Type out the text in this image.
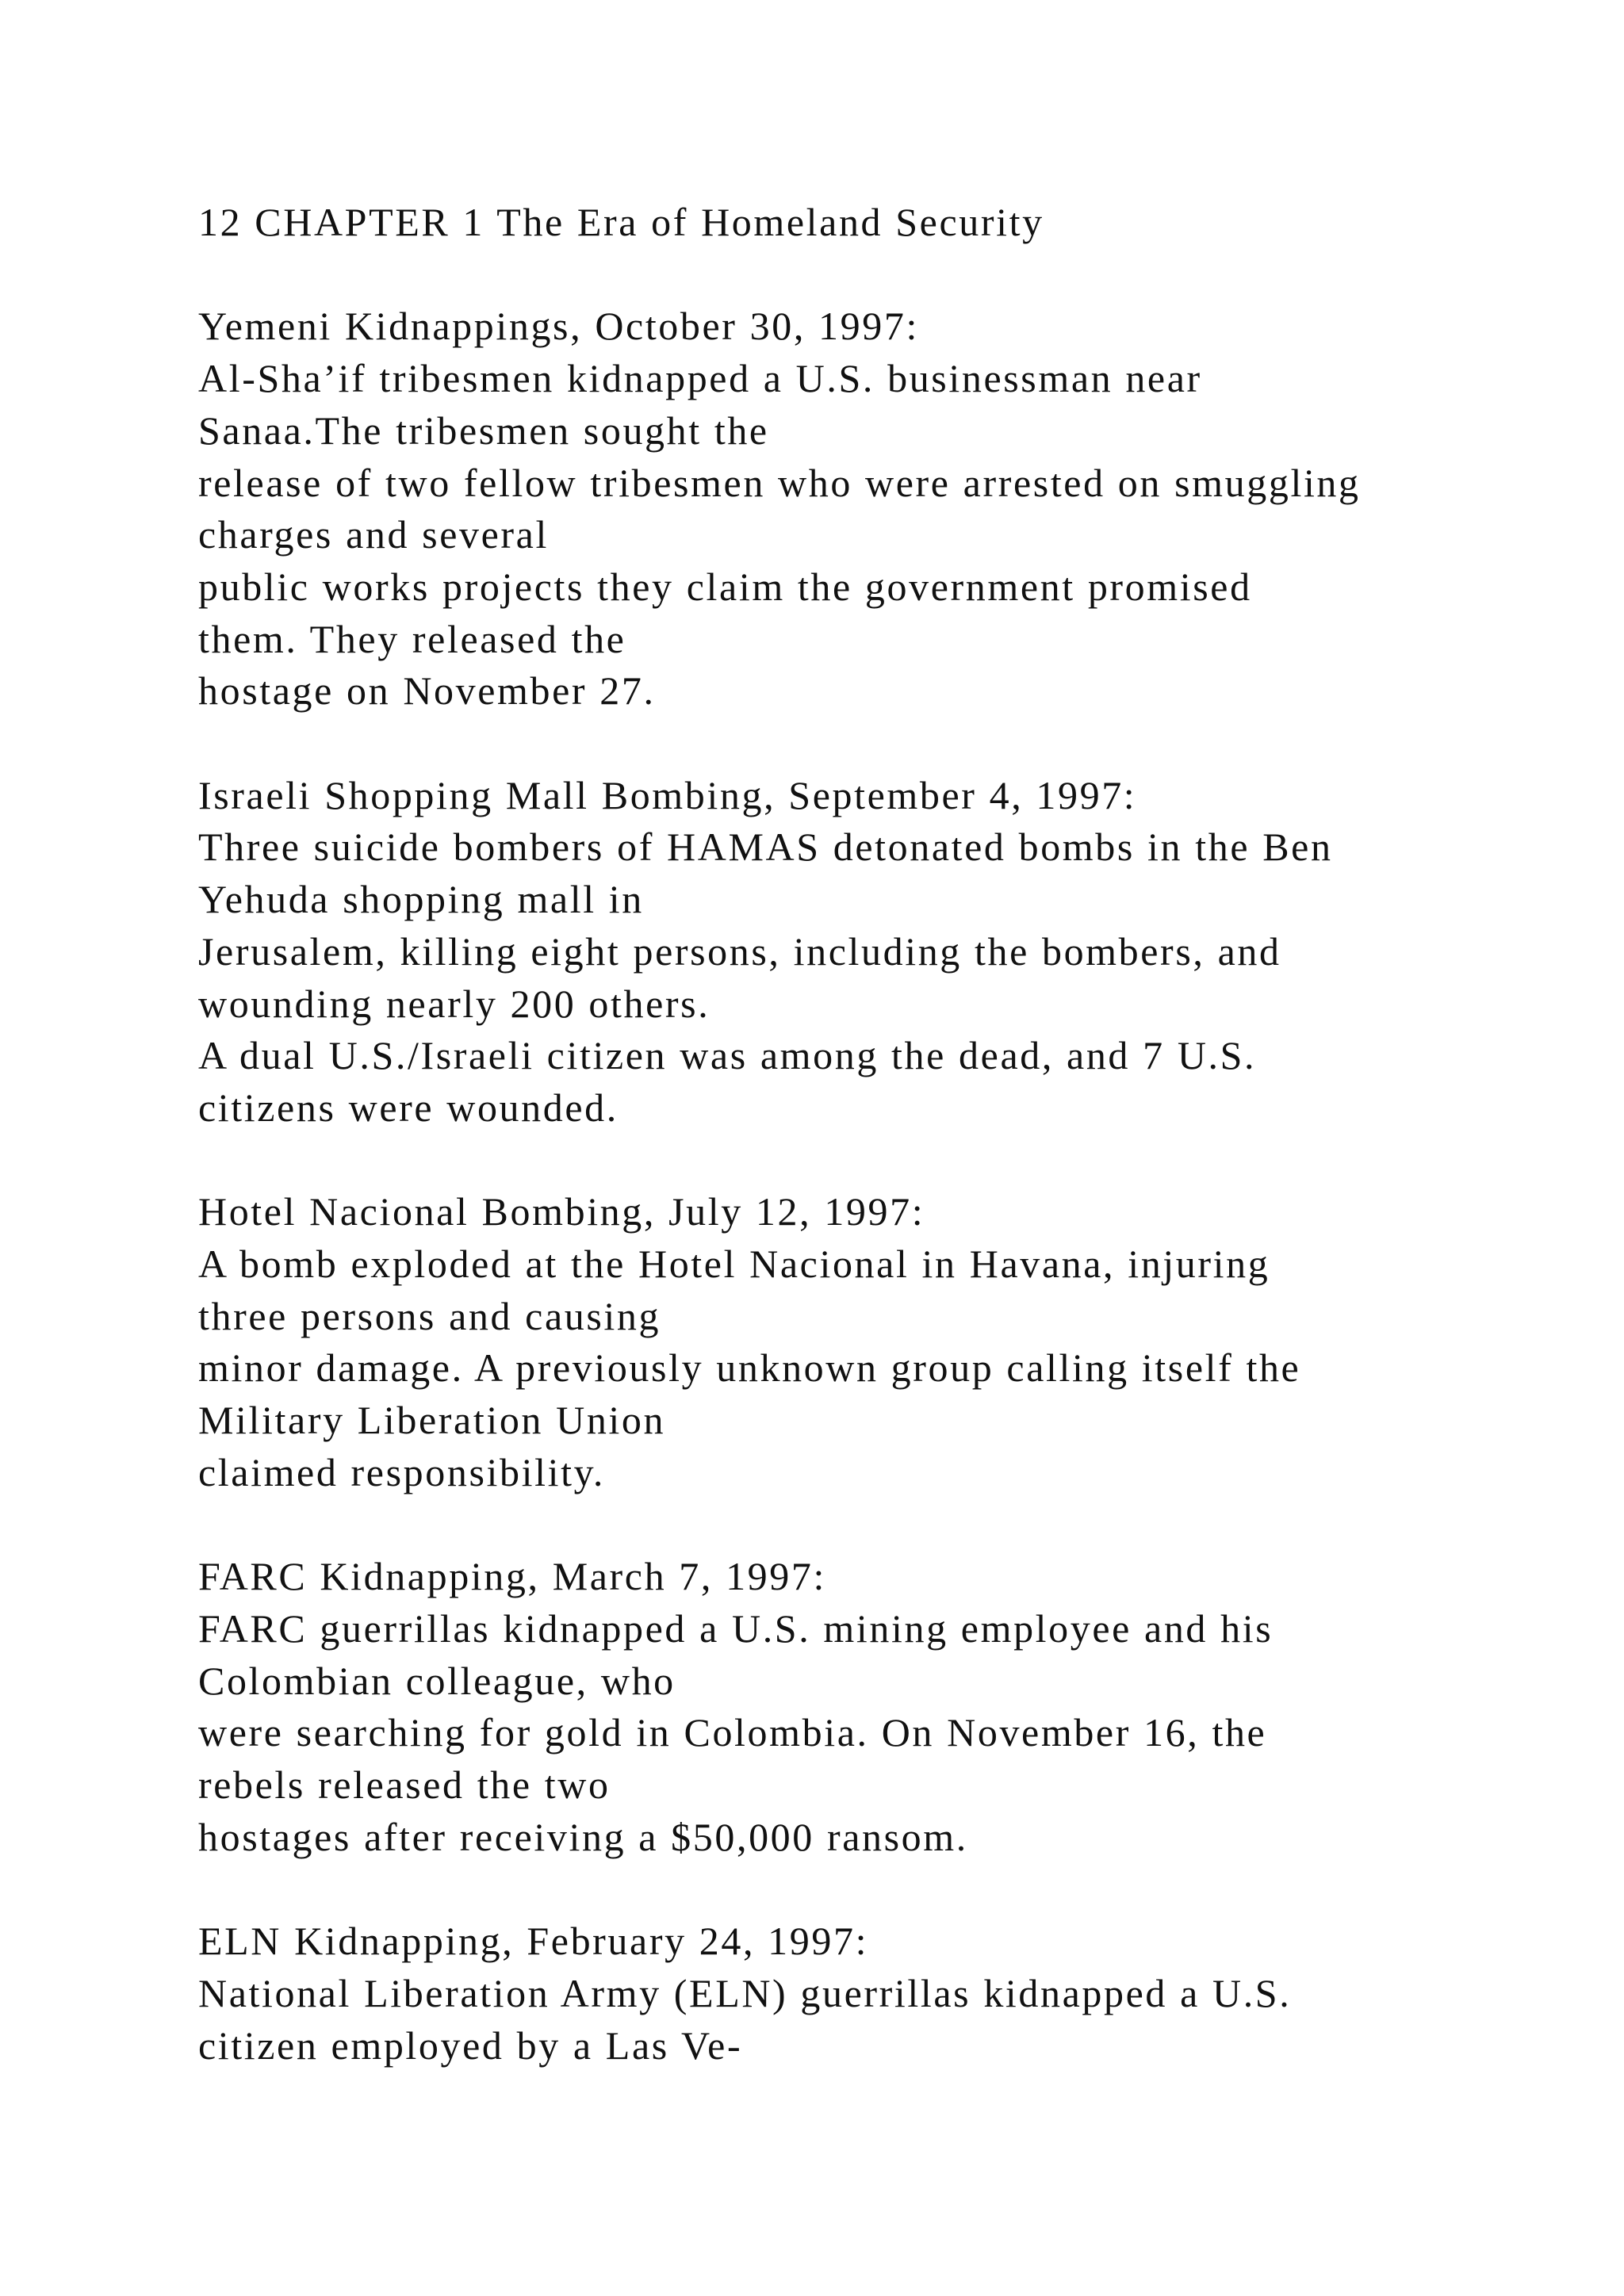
12 CHAPTER 1 The Era of Homeland Security
Yemeni Kidnappings, October 30, 1997:
Al-Sha’if tribesmen kidnapped a U.S. businessman near
Sanaa.The tribesmen sought the
release of two fellow tribesmen who were arrested on smuggling
charges and several
public works projects they claim the government promised
them. They released the
hostage on November 27.
Israeli Shopping Mall Bombing, September 4, 1997:
Three suicide bombers of HAMAS detonated bombs in the Ben
Yehuda shopping mall in
Jerusalem, killing eight persons, including the bombers, and
wounding nearly 200 others.
A dual U.S./Israeli citizen was among the dead, and 7 U.S.
citizens were wounded.
Hotel Nacional Bombing, July 12, 1997:
A bomb exploded at the Hotel Nacional in Havana, injuring
three persons and causing
minor damage. A previously unknown group calling itself the
Military Liberation Union
claimed responsibility.
FARC Kidnapping, March 7, 1997:
FARC guerrillas kidnapped a U.S. mining employee and his
Colombian colleague, who
were searching for gold in Colombia. On November 16, the
rebels released the two
hostages after receiving a $50,000 ransom.
ELN Kidnapping, February 24, 1997:
National Liberation Army (ELN) guerrillas kidnapped a U.S.
citizen employed by a Las Ve-
